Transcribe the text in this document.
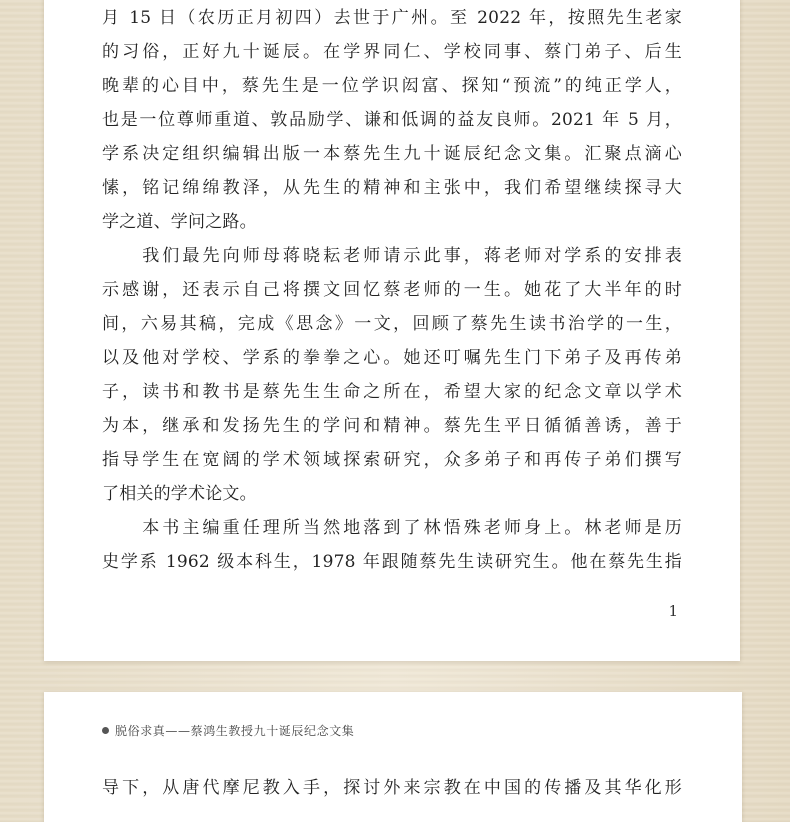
月 15 日（农历正月初四）去世于广州。至 2022 年，按照先生老家
的习俗，正好九十诞辰。在学界同仁、学校同事、蔡门弟子、后生
晚辈的心目中，蔡先生是一位学识闳富、探知“预流”的纯正学人，
也是一位尊师重道、敦品励学、谦和低调的益友良师。2021 年 5 月，
学系决定组织编辑出版一本蔡先生九十诞辰纪念文集。汇聚点滴心
愫，铭记绵绵教泽，从先生的精神和主张中，我们希望继续探寻大
学之道、学问之路。
　　我们最先向师母蒋晓耘老师请示此事，蒋老师对学系的安排表
示感谢，还表示自己将撰文回忆蔡老师的一生。她花了大半年的时
间，六易其稿，完成《思念》一文，回顾了蔡先生读书治学的一生，
以及他对学校、学系的拳拳之心。她还叮嘱先生门下弟子及再传弟
子，读书和教书是蔡先生生命之所在，希望大家的纪念文章以学术
为本，继承和发扬先生的学问和精神。蔡先生平日循循善诱，善于
指导学生在宽阔的学术领域探索研究，众多弟子和再传子弟们撰写
了相关的学术论文。
　　本书主编重任理所当然地落到了林悟殊老师身上。林老师是历
史学系 1962 级本科生，1978 年跟随蔡先生读研究生。他在蔡先生指
1
脱俗求真——蔡鸿生教授九十诞辰纪念文集
导下，从唐代摩尼教入手，探讨外来宗教在中国的传播及其华化形
